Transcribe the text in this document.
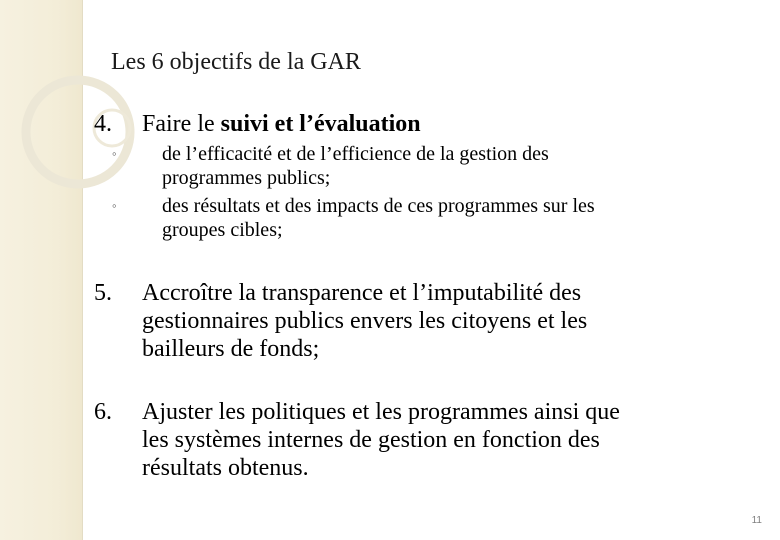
Les 6 objectifs de la GAR
4. Faire le suivi et l’évaluation
◦ de l’efficacité et de l’efficience de la gestion des
programmes publics;
◦ des résultats et des impacts de ces programmes sur les
groupes cibles;
5. Accroître la transparence et l’imputabilité des
gestionnaires publics envers les citoyens et les
bailleurs de fonds;
6. Ajuster les politiques et les programmes ainsi que
les systèmes internes de gestion en fonction des
résultats obtenus.
11
